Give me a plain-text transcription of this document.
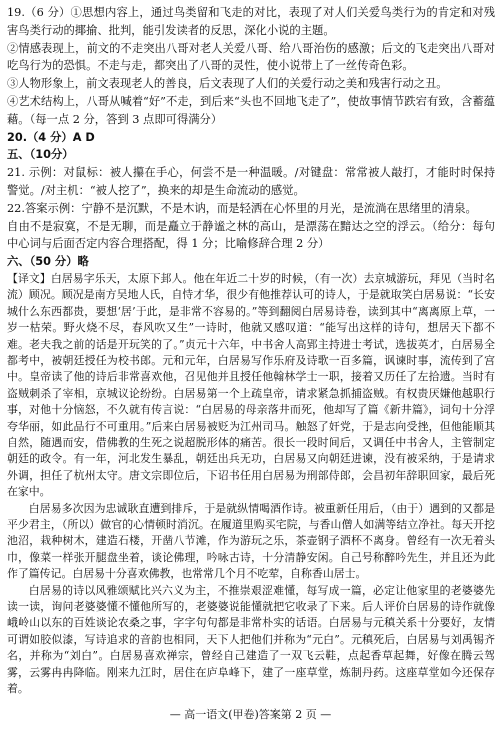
19.（6 分）①思想内容上，通过鸟类留和飞走的对比，表现了对人们关爱鸟类行为的肯定和对残害鸟类行动的揶揄、批判，能引发读者的反思，深化小说的主题。

②情感表现上，前文的不走突出八哥对老人关爱八哥、给八哥治伤的感激；后文的飞走突出八哥对吃鸟行为的恐惧。不走与走，都突出了八哥的灵性，使小说带上了一丝传奇色彩。

③人物形象上，前文表现老人的善良，后文表现了人们的关爱行动之美和残害行动之丑。

④艺术结构上，八哥从喊着“好”不走，到后来“头也不回地飞走了”，使故事情节跌宕有致，含蓄蕴藉。（每一点 2 分，答到 3 点即可得满分）

20.（4 分）A D

五、（10分）

21. 示例：对鼠标：被人攥在手心，何尝不是一种温暖。/对键盘：常常被人敲打，才能时时保持警觉。/对主机：“被人挖了”，换来的却是生命流动的感觉。

22.答案示例：宁静不是沉默，不是木讷，而是轻洒在心怀里的月光，是流淌在思绪里的清泉。

自由不是寂寞，不是无聊，而是矗立于静谧之林的高山，是漂荡在黯达之空的浮云。（给分：每句中心词与后面否定内容合理搭配，得 1 分；比喻修辞合理 2 分）

六、（50 分）略

【译文】白居易字乐天，太原下邽人。他在年近二十岁的时候，（有一次）去京城游玩，拜见（当时名流）顾况。顾况是南方吴地人氏，自恃才华，很少有他推荐认可的诗人，于是就取笑白居易说：“长安城什么东西都贵，要想‘居’于此，是非常不容易的。”等到翻阅白居易诗卷，读到其中“离离原上草，一岁一枯荣。野火烧不尽，春风吹又生”一诗时，他就又感叹道：“能写出这样的诗句，想居天下都不难。老夫我之前的话是开玩笑的了。”贞元十六年，中书舍人高郢主持进士考试，选拔英才，白居易全都考中，被朝廷授任为校书郎。元和元年，白居易写作乐府及诗歌一百多篇，讽谏时事，流传到了宫中。皇帝读了他的诗后非常喜欢他，召见他并且授任他翰林学士一职，接着又历任了左拾遗。当时有盗贼刺杀了宰相，京城议论纷纷。白居易第一个上疏皇帝，请求紧急抓捕盗贼。有权贵厌嫌他越职行事，对他十分恼怒，不久就有传言说：“白居易的母亲落井而死，他却写了篇《新井篇》，词句十分浮夸华丽，如此品行不可重用。”后来白居易被贬为江州司马。触怒了奸党，于是志向受挫，但他能顺其自然，随遇而安，借佛教的生死之说超脱形体的痛苦。很长一段时间后，又调任中书舍人，主管制定朝廷的政令。有一年，河北发生暴乱，朝廷出兵无功，白居易又向朝廷进谏，没有被采纳，于是请求外调，担任了杭州太守。唐文宗即位后，下诏书任用白居易为刑部侍郎，会昌初年辞职回家，最后死在家中。

白居易多次因为忠诚耿直遭到排斥，于是就纵情喝酒作诗。被重新任用后，（由于）遇到的又都是平少君主，（所以）做官的心情顿时消沉。在履道里购买宅院，与香山僧人如满等结立净社。每天开挖池沼，栽种树木，建造石楼，开凿八节滩，作为游玩之乐，茶壶钢子酒杯不离身。曾经有一次无着头巾，像菜一样张开腿盘坐着，谈论佛理，吟咏古诗，十分清静安闲。自己号称醉吟先生，并且还为此作了篇传记。白居易十分喜欢佛教，也常常几个月不吃荤，自称香山居士。

白居易的诗以风雅颂赋比兴六义为主，不推崇艰涩难懂，每写成一篇，必定让他家里的老婆婆先读一读，询问老婆婆懂不懂他所写的，老婆婆说能懂就把它收录了下来。后人评价白居易的诗作就像峨岭山以东的百姓谈论农桑之事，字字句句都是非常朴实的话语。白居易与元稹关系十分要好，友情可谓如胶似漆，写诗追求的音韵也相同，天下人把他们并称为“元白”。元稹死后，白居易与刘禹锡齐名，并称为“刘白”。白居易喜欢禅宗，曾经自己建造了一双飞云鞋，点起香草起舞，好像在腾云驾雾，云雾冉冉降临。刚来九江时，居住在庐阜峰下，建了一座草堂，炼制丹药。这座草堂如今还保存着。

— 高一语文(甲卷)答案第 2 页 —
